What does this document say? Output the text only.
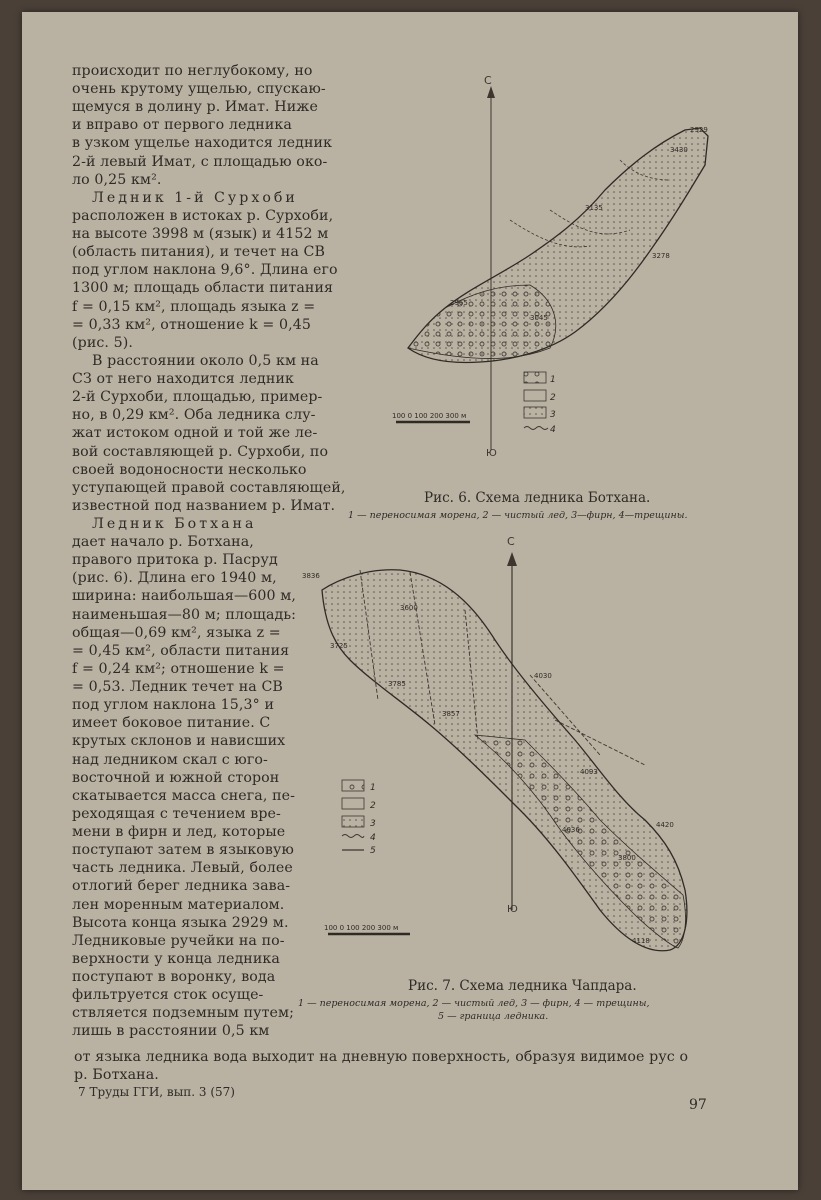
происходит по неглубокому, но
очень крутому ущелью, спускаю-
щемуся в долину р. Имат. Ниже
и вправо от первого ледника
в узком ущелье находится ледник
2-й левый Имат, с площадью око-
ло 0,25 км².
Ледник 1-й Сурхоби
расположен в истоках р. Сурхоби,
на высоте 3998 м (язык) и 4152 м
(область питания), и течет на СВ
под углом наклона 9,6°. Длина его
1300 м; площадь области питания
f = 0,15 км², площадь языка z =
= 0,33 км², отношение k = 0,45
(рис. 5).
В расстоянии около 0,5 км на
СЗ от него находится ледник
2-й Сурхоби, площадью, пример-
но, в 0,29 км². Оба ледника слу-
жат истоком одной и той же ле-
вой составляющей р. Сурхоби, по
своей водоносности несколько
уступающей правой составляющей,
известной под названием р. Имат.
Ледник Ботхана
дает начало р. Ботхана,
правого притока р. Пасруд
(рис. 6). Длина его 1940 м,
ширина: наибольшая—600 м,
наименьшая—80 м; площадь:
общая—0,69 км², языка z =
= 0,45 км², области питания
f = 0,24 км²; отношение k =
= 0,53. Ледник течет на СВ
под углом наклона 15,3° и
имеет боковое питание. С
крутых склонов и нависших
над ледником скал с юго-
восточной и южной сторон
скатывается масса снега, пе-
реходящая с течением вре-
мени в фирн и лед, которые
поступают затем в языковую
часть ледника. Левый, более
отлогий берег ледника зава-
лен моренным материалом.
Высота конца языка 2929 м.
Ледниковые ручейки на по-
верхности у конца ледника
поступают в воронку, вода
фильтруется сток осуще-
ствляется подземным путем;
лишь в расстоянии 0,5 км
С
Ю
2929
3135
3278
3430
2965
3045
1
2
3
4
100 0 100 200 300 м
Рис. 6. Схема ледника Ботхана.
1 — переносимая морена, 2 — чистый лед, 3—фирн, 4—трещины.
С
Ю
3836
3725
3600
3785
4030
3857
4093
4420
4036
3800
4118
1
2
3
4
5
100 0 100 200 300 м
Рис. 7. Схема ледника Чапдара.
1 — переносимая морена, 2 — чистый лед, 3 — фирн, 4 — трещины,
5 — граница ледника.
от языка ледника вода выходит на дневную поверхность, образуя видимое рус о
р. Ботхана.
7 Труды ГГИ, вып. 3 (57)
97
